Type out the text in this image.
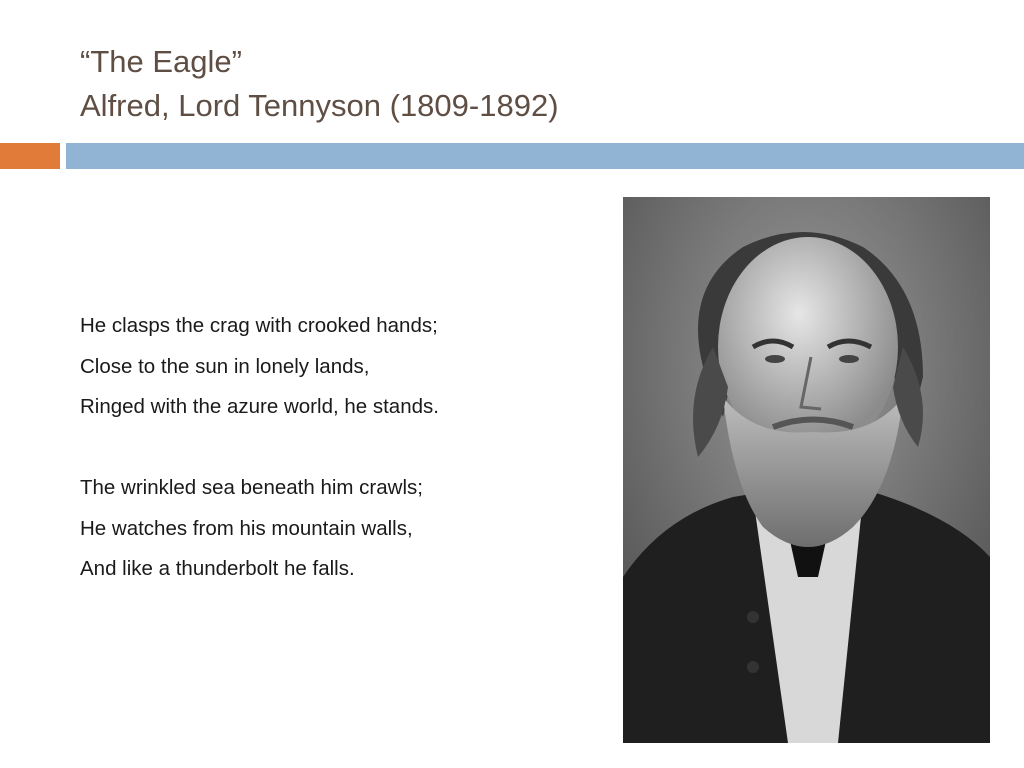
“The Eagle”
Alfred, Lord Tennyson (1809-1892)
He clasps the crag with crooked hands;
Close to the sun in lonely lands,
Ringed with the azure world, he stands.
The wrinkled sea beneath him crawls;
He watches from his mountain walls,
And like a thunderbolt he falls.
